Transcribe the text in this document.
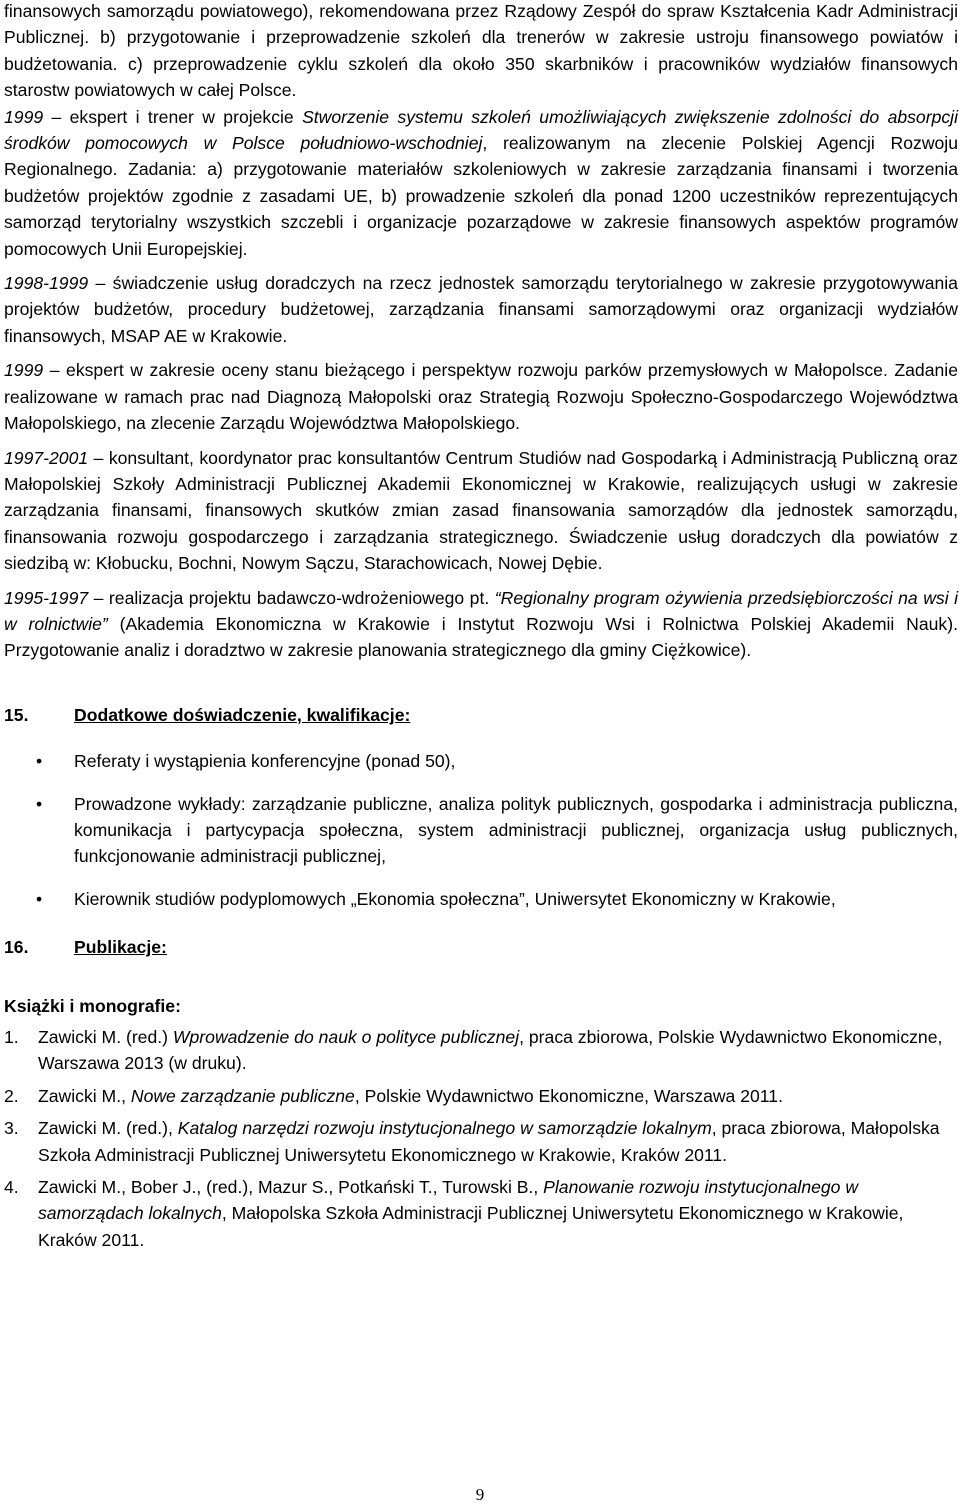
finansowych samorządu powiatowego), rekomendowana przez Rządowy Zespół do spraw Kształcenia Kadr Administracji Publicznej. b) przygotowanie i przeprowadzenie szkoleń dla trenerów w zakresie ustroju finansowego powiatów i budżetowania. c) przeprowadzenie cyklu szkoleń dla około 350 skarbników i pracowników wydziałów finansowych starostw powiatowych w całej Polsce.

1999 – ekspert i trener w projekcie Stworzenie systemu szkoleń umożliwiających zwiększenie zdolności do absorpcji środków pomocowych w Polsce południowo-wschodniej, realizowanym na zlecenie Polskiej Agencji Rozwoju Regionalnego. Zadania: a) przygotowanie materiałów szkoleniowych w zakresie zarządzania finansami i tworzenia budżetów projektów zgodnie z zasadami UE, b) prowadzenie szkoleń dla ponad 1200 uczestników reprezentujących samorząd terytorialny wszystkich szczebli i organizacje pozarządowe w zakresie finansowych aspektów programów pomocowych Unii Europejskiej.

1998-1999 – świadczenie usług doradczych na rzecz jednostek samorządu terytorialnego w zakresie przygotowywania projektów budżetów, procedury budżetowej, zarządzania finansami samorządowymi oraz organizacji wydziałów finansowych, MSAP AE w Krakowie.

1999 – ekspert w zakresie oceny stanu bieżącego i perspektyw rozwoju parków przemysłowych w Małopolsce. Zadanie realizowane w ramach prac nad Diagnozą Małopolski oraz Strategią Rozwoju Społeczno-Gospodarczego Województwa Małopolskiego, na zlecenie Zarządu Województwa Małopolskiego.

1997-2001 – konsultant, koordynator prac konsultantów Centrum Studiów nad Gospodarką i Administracją Publiczną oraz Małopolskiej Szkoły Administracji Publicznej Akademii Ekonomicznej w Krakowie, realizujących usługi w zakresie zarządzania finansami, finansowych skutków zmian zasad finansowania samorządów dla jednostek samorządu, finansowania rozwoju gospodarczego i zarządzania strategicznego. Świadczenie usług doradczych dla powiatów z siedzibą w: Kłobucku, Bochni, Nowym Sączu, Starachowicach, Nowej Dębie.

1995-1997 – realizacja projektu badawczo-wdrożeniowego pt. “Regionalny program ożywienia przedsiębiorczości na wsi i w rolnictwie” (Akademia Ekonomiczna w Krakowie i Instytut Rozwoju Wsi i Rolnictwa Polskiej Akademii Nauk). Przygotowanie analiz i doradztwo w zakresie planowania strategicznego dla gminy Ciężkowice).

15.	Dodatkowe doświadczenie, kwalifikacje:
• Referaty i wystąpienia konferencyjne (ponad 50),
• Prowadzone wykłady: zarządzanie publiczne, analiza polityk publicznych, gospodarka i administracja publiczna, komunikacja i partycypacja społeczna, system administracji publicznej, organizacja usług publicznych, funkcjonowanie administracji publicznej,
• Kierownik studiów podyplomowych „Ekonomia społeczna”, Uniwersytet Ekonomiczny w Krakowie,
16.	Publikacje:
Książki i monografie:
1. Zawicki M. (red.) Wprowadzenie do nauk o polityce publicznej, praca zbiorowa, Polskie Wydawnictwo Ekonomiczne, Warszawa 2013 (w druku).
2. Zawicki M., Nowe zarządzanie publiczne, Polskie Wydawnictwo Ekonomiczne, Warszawa 2011.
3. Zawicki M. (red.), Katalog narzędzi rozwoju instytucjonalnego w samorządzie lokalnym, praca zbiorowa, Małopolska Szkoła Administracji Publicznej Uniwersytetu Ekonomicznego w Krakowie, Kraków 2011.
4. Zawicki M., Bober J., (red.), Mazur S., Potkański T., Turowski B., Planowanie rozwoju instytucjonalnego w samorządach lokalnych, Małopolska Szkoła Administracji Publicznej Uniwersytetu Ekonomicznego w Krakowie, Kraków 2011.
9
